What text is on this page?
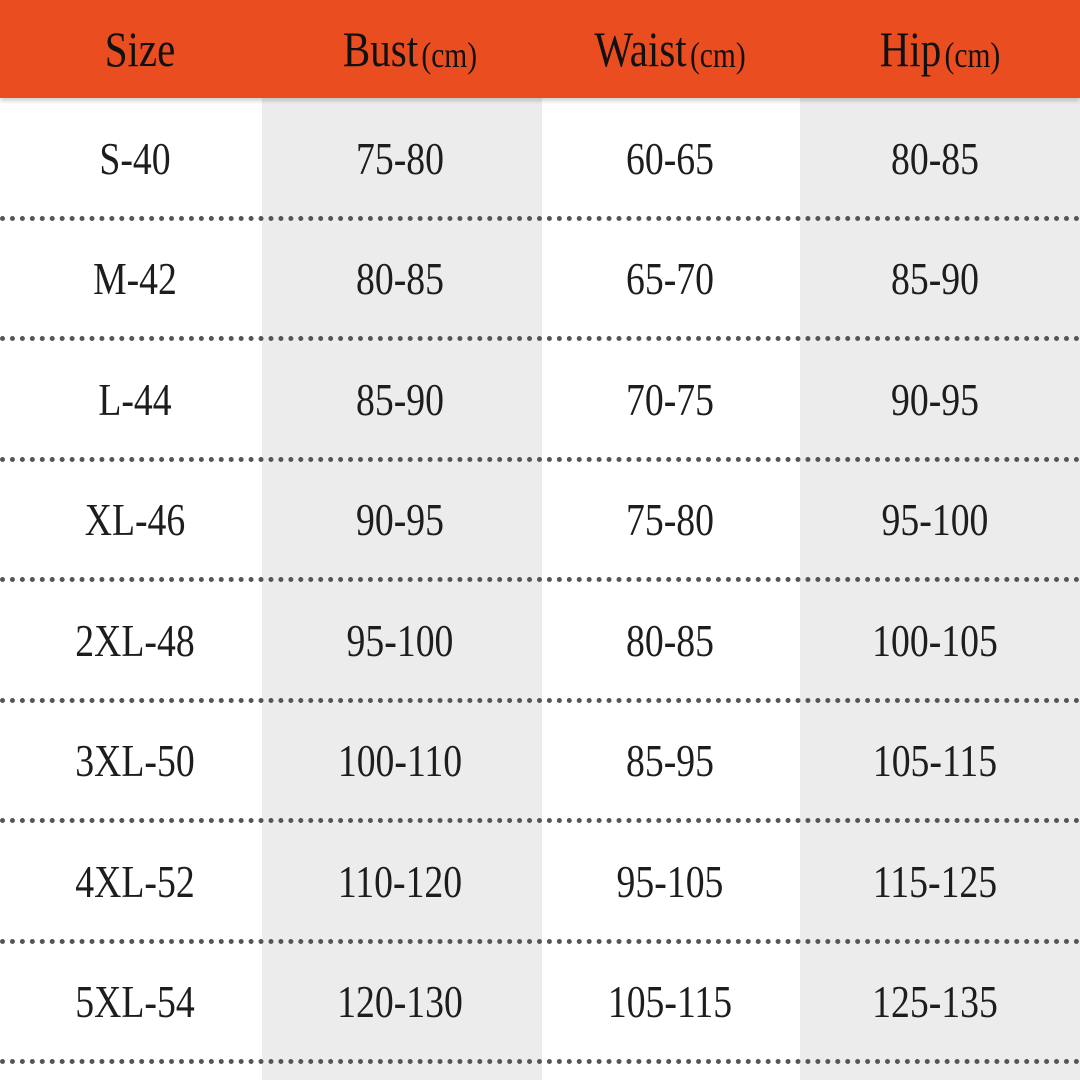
Size	Bust (cm) Waist (cm)	Hip (cm)
S-40	75-80	60-65	80-85
M-42	80-85	65-70	85-90
L-44	85-90	70-75	90-95
XL-46	90-95	75-80	95-100
2XL-48	95-100	80-85	100-105
3XL-50	100-110	85-95	105-115
4XL-52	110-120	95-105	115-125
5XL-54	120-130	105-115	125-135
